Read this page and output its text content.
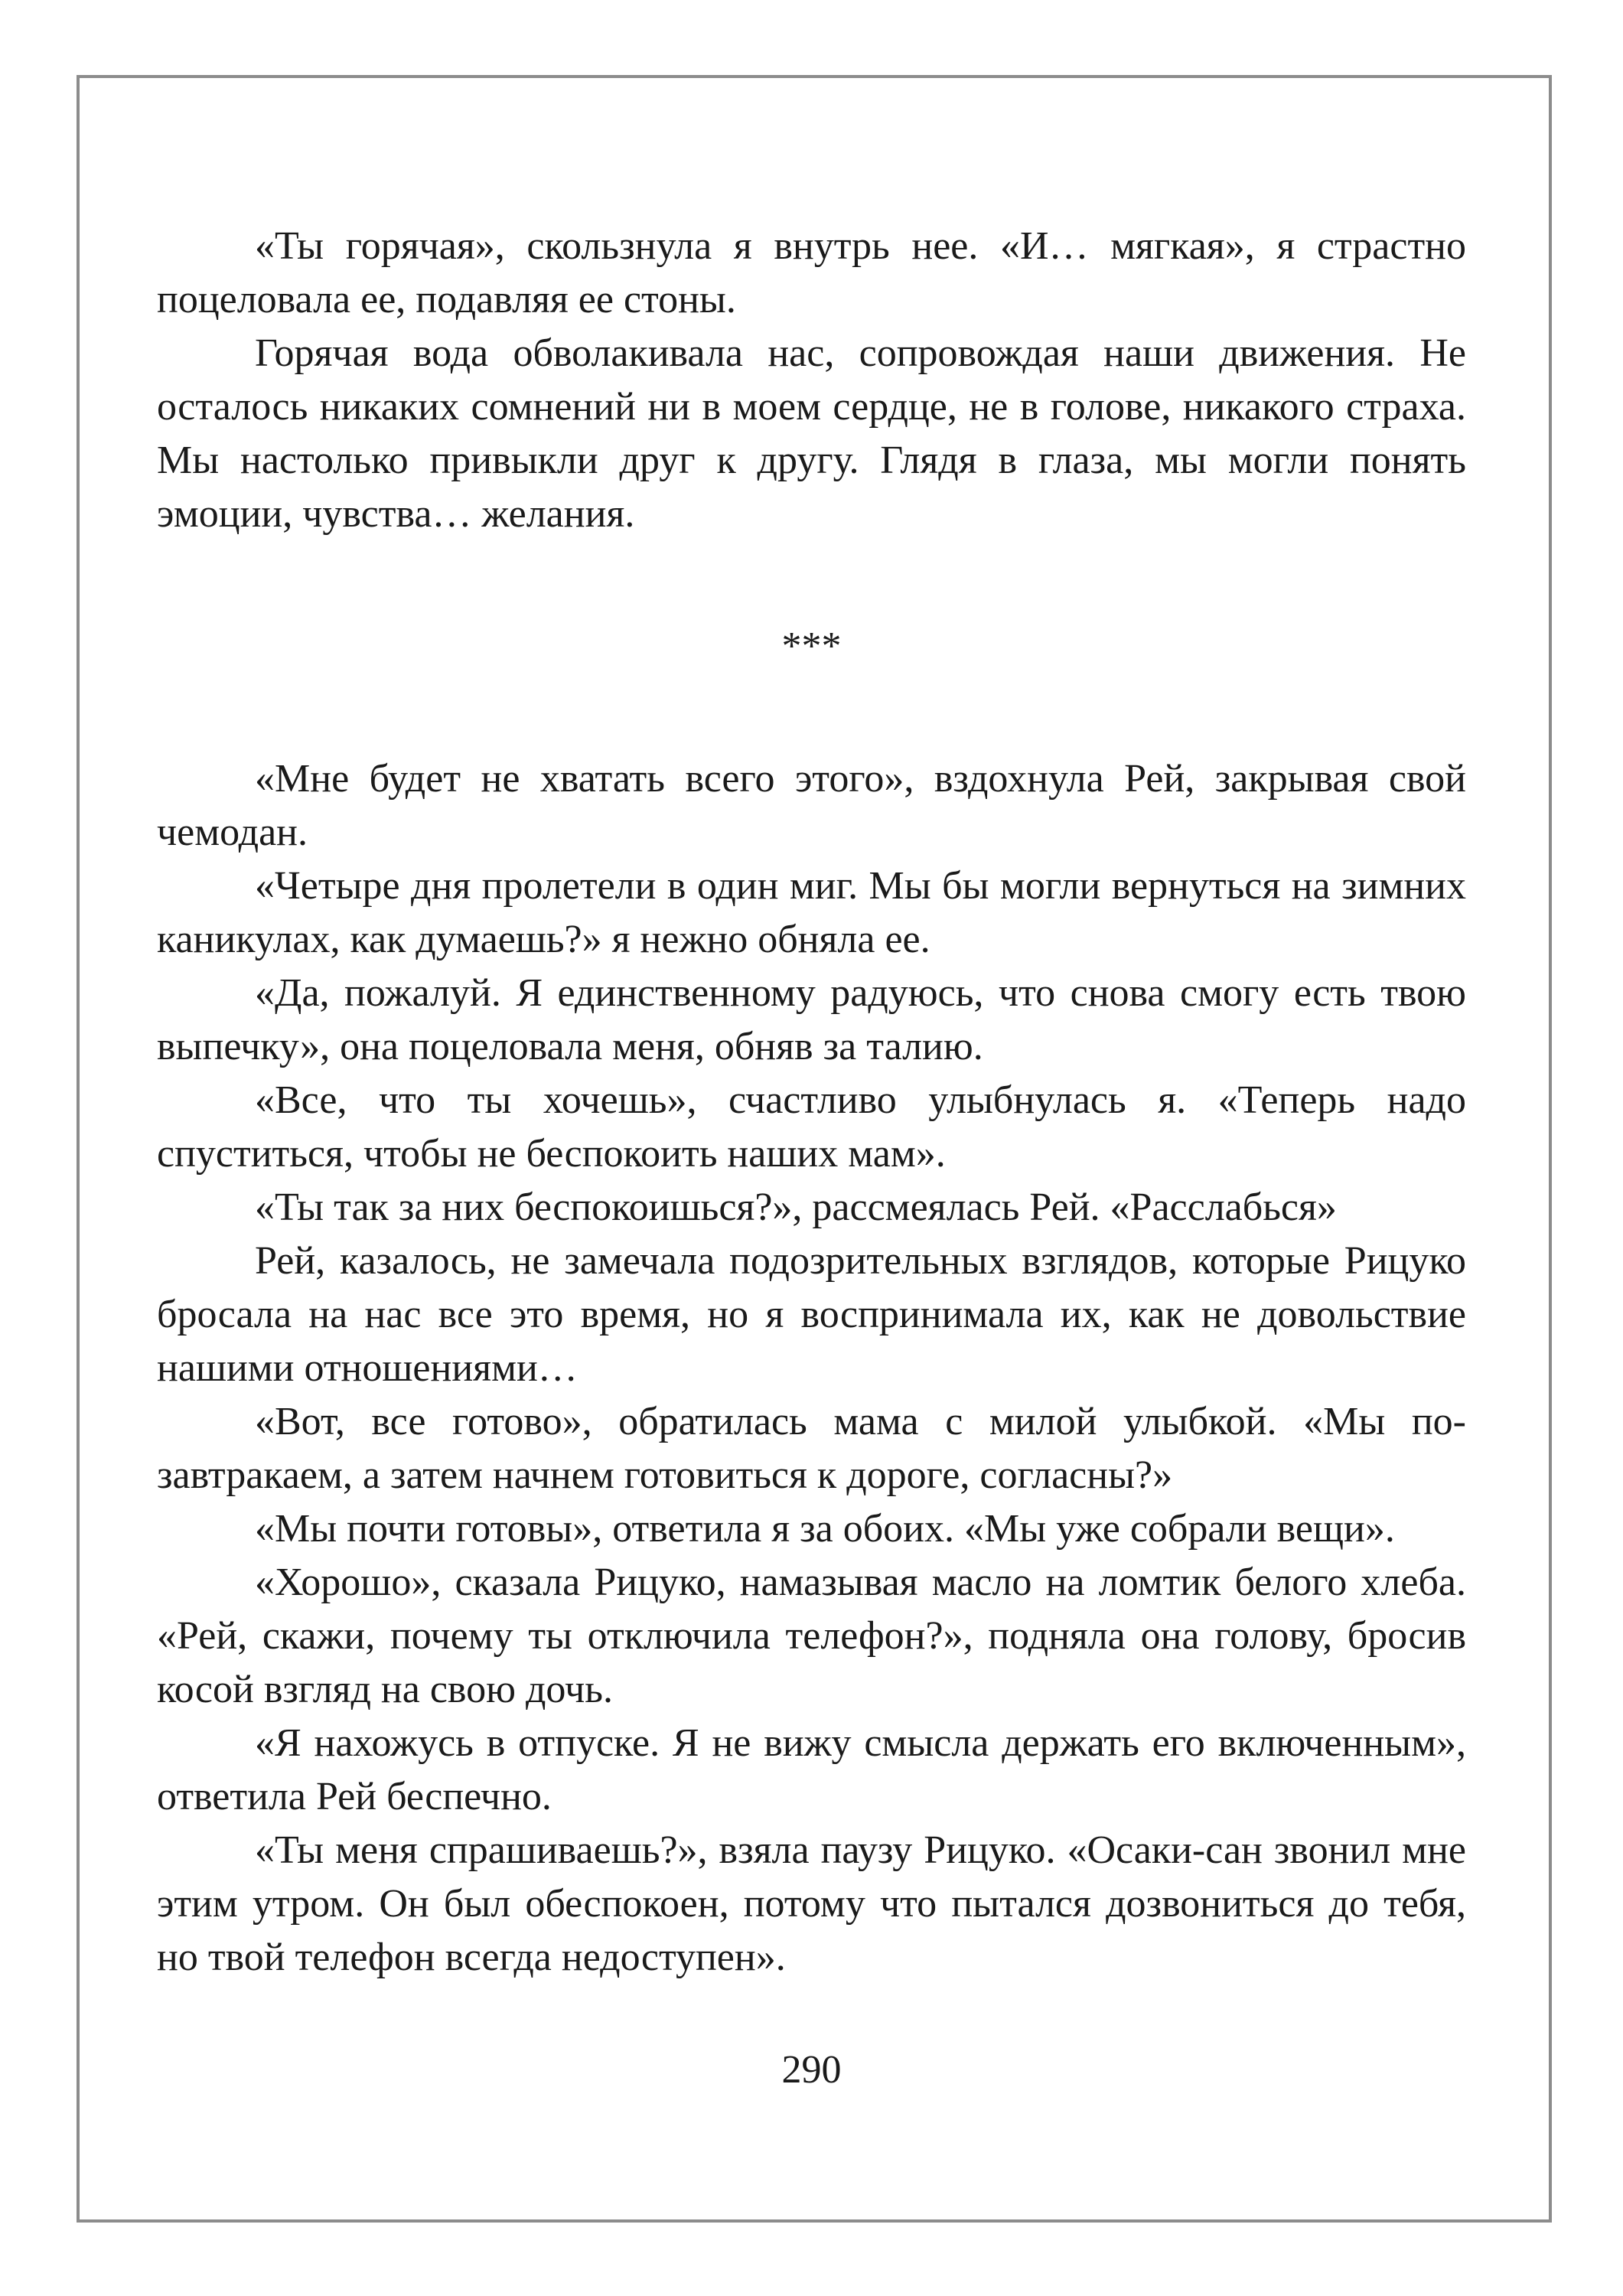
«Ты горячая», скользнула я внутрь нее. «И… мягкая», я страстно поцеловала ее, подавляя ее стоны.

Горячая вода обволакивала нас, сопровождая наши движения. Не осталось никаких сомнений ни в моем сердце, не в голове, никакого страха. Мы настолько привыкли друг к другу. Глядя в глаза, мы могли понять эмоции, чувства… желания.

***

«Мне будет не хватать всего этого», вздохнула Рей, закрывая свой чемодан.

«Четыре дня пролетели в один миг. Мы бы могли вернуться на зимних каникулах, как думаешь?» я нежно обняла ее.

«Да, пожалуй. Я единственному радуюсь, что снова смогу есть твою выпечку», она поцеловала меня, обняв за талию.

«Все, что ты хочешь», счастливо улыбнулась я. «Теперь надо спуститься, чтобы не беспокоить наших мам».

«Ты так за них беспокоишься?», рассмеялась Рей. «Расслабься»

Рей, казалось, не замечала подозрительных взглядов, которые Рицуко бросала на нас все это время, но я воспринимала их, как не довольствие нашими отношениями…

«Вот, все готово», обратилась мама с милой улыбкой. «Мы позавтракаем, а затем начнем готовиться к дороге, согласны?»

«Мы почти готовы», ответила я за обоих. «Мы уже собрали вещи».

«Хорошо», сказала Рицуко, намазывая масло на ломтик белого хлеба. «Рей, скажи, почему ты отключила телефон?», подняла она голову, бросив косой взгляд на свою дочь.

«Я нахожусь в отпуске. Я не вижу смысла держать его включенным», ответила Рей беспечно.

«Ты меня спрашиваешь?», взяла паузу Рицуко. «Осаки-сан звонил мне этим утром. Он был обеспокоен, потому что пытался дозвониться до тебя, но твой телефон всегда недоступен».

290
